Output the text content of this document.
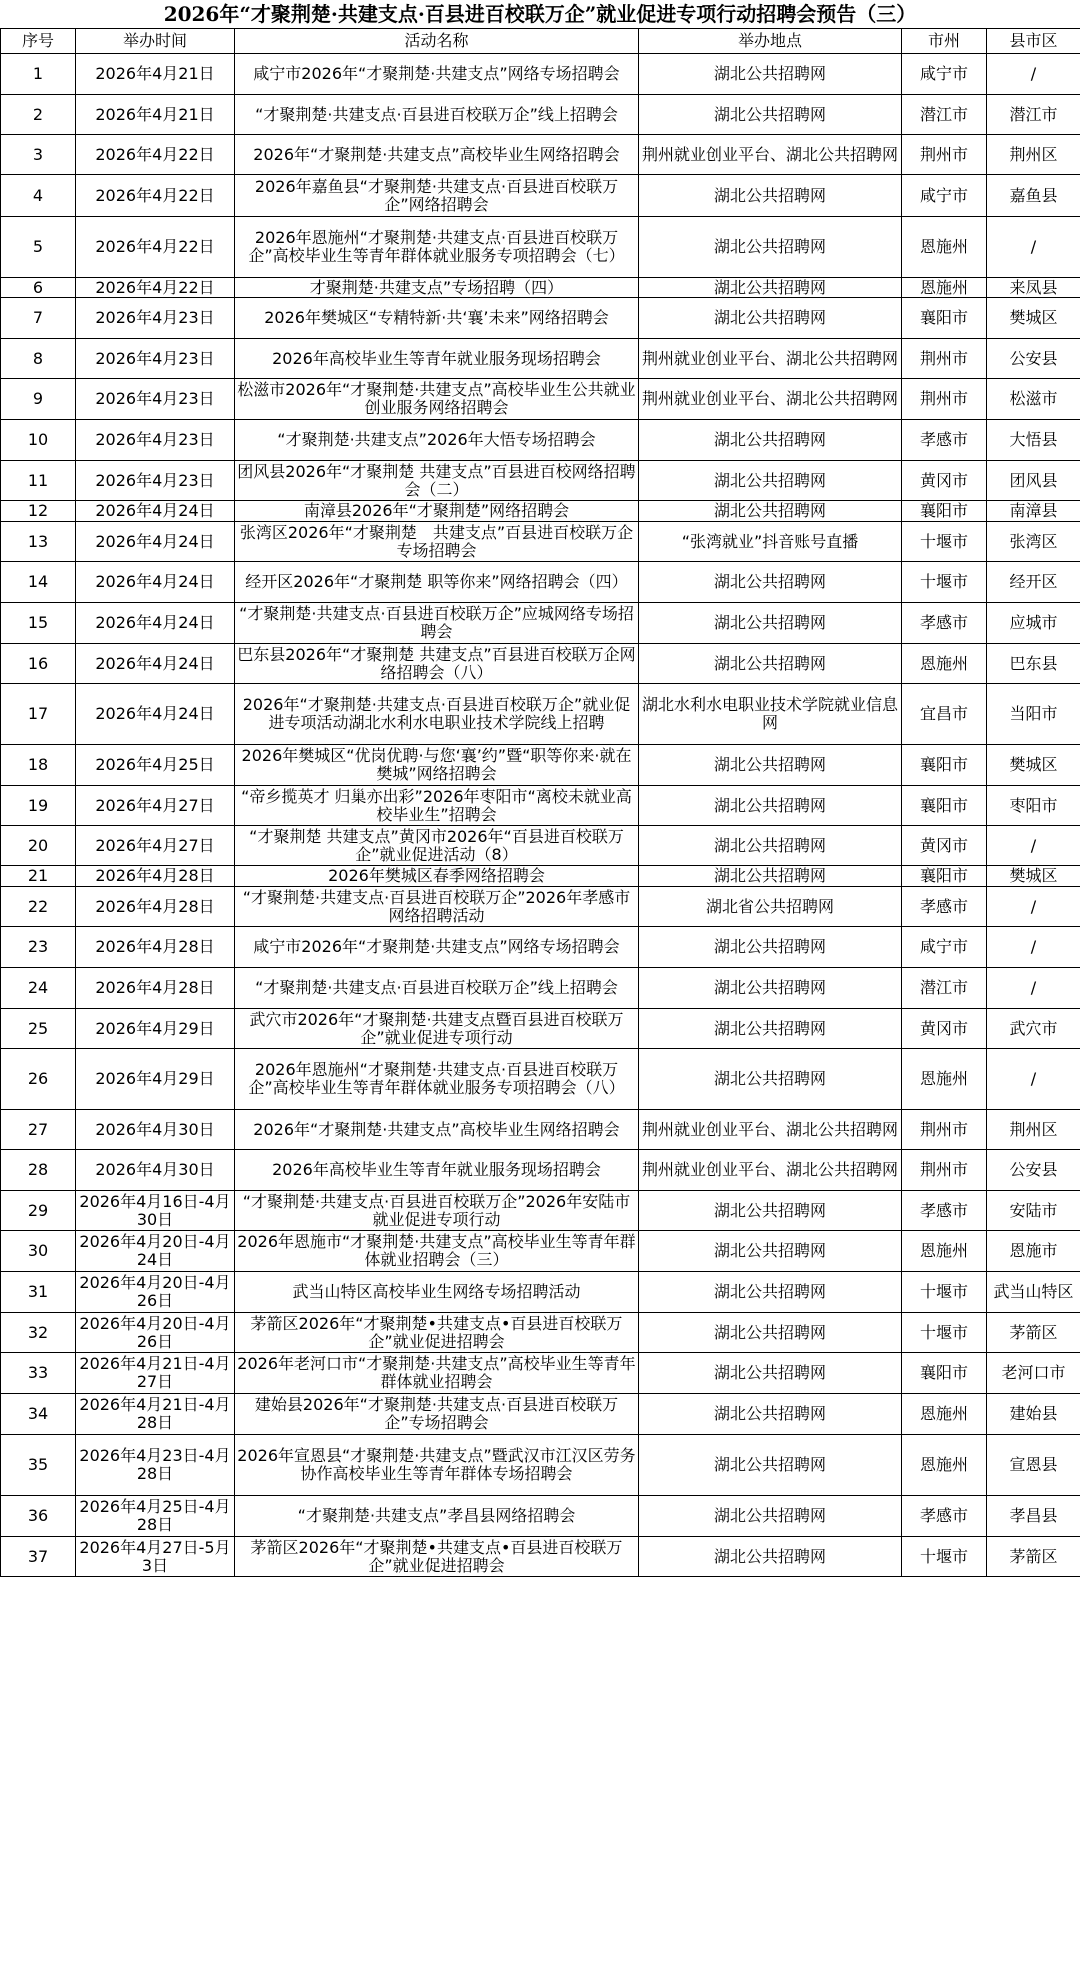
2026年“才聚荆楚·共建支点·百县进百校联万企”就业促进专项行动招聘会预告（三）
序号	举办时间	活动名称	举办地点	市州	县市区
1	2026年4月21日	咸宁市2026年“才聚荆楚·共建支点”网络专场招聘会	湖北公共招聘网	咸宁市	/
2	2026年4月21日	“才聚荆楚·共建支点·百县进百校联万企”线上招聘会	湖北公共招聘网	潜江市	潜江市
3	2026年4月22日	2026年“才聚荆楚·共建支点”高校毕业生网络招聘会	荆州就业创业平台、湖北公共招聘网	荆州市	荆州区
4	2026年4月22日	2026年嘉鱼县“才聚荆楚·共建支点·百县进百校联万企”网络招聘会	湖北公共招聘网	咸宁市	嘉鱼县
5	2026年4月22日	2026年恩施州“才聚荆楚·共建支点·百县进百校联万企”高校毕业生等青年群体就业服务专项招聘会（七）	湖北公共招聘网	恩施州	/
6	2026年4月22日	才聚荆楚·共建支点”专场招聘（四）	湖北公共招聘网	恩施州	来凤县
7	2026年4月23日	2026年樊城区“专精特新·共‘襄’未来”网络招聘会	湖北公共招聘网	襄阳市	樊城区
8	2026年4月23日	2026年高校毕业生等青年就业服务现场招聘会	荆州就业创业平台、湖北公共招聘网	荆州市	公安县
9	2026年4月23日	松滋市2026年“才聚荆楚·共建支点”高校毕业生公共就业创业服务网络招聘会	荆州就业创业平台、湖北公共招聘网	荆州市	松滋市
10	2026年4月23日	“才聚荆楚·共建支点”2026年大悟专场招聘会	湖北公共招聘网	孝感市	大悟县
11	2026年4月23日	团风县2026年“才聚荆楚 共建支点”百县进百校网络招聘会（二）	湖北公共招聘网	黄冈市	团风县
12	2026年4月24日	南漳县2026年“才聚荆楚”网络招聘会	湖北公共招聘网	襄阳市	南漳县
13	2026年4月24日	张湾区2026年“才聚荆楚　共建支点”百县进百校联万企专场招聘会	“张湾就业”抖音账号直播	十堰市	张湾区
14	2026年4月24日	经开区2026年“才聚荆楚 职等你来”网络招聘会（四）	湖北公共招聘网	十堰市	经开区
15	2026年4月24日	“才聚荆楚·共建支点·百县进百校联万企”应城网络专场招聘会	湖北公共招聘网	孝感市	应城市
16	2026年4月24日	巴东县2026年“才聚荆楚 共建支点”百县进百校联万企网络招聘会（八）	湖北公共招聘网	恩施州	巴东县
17	2026年4月24日	2026年“才聚荆楚·共建支点·百县进百校联万企”就业促进专项活动湖北水利水电职业技术学院线上招聘	湖北水利水电职业技术学院就业信息网	宜昌市	当阳市
18	2026年4月25日	2026年樊城区“优岗优聘·与您‘襄’约”暨“职等你来·就在樊城”网络招聘会	湖北公共招聘网	襄阳市	樊城区
19	2026年4月27日	“帝乡揽英才 归巢亦出彩”2026年枣阳市“离校未就业高校毕业生”招聘会	湖北公共招聘网	襄阳市	枣阳市
20	2026年4月27日	“才聚荆楚 共建支点”黄冈市2026年“百县进百校联万企”就业促进活动（8）	湖北公共招聘网	黄冈市	/
21	2026年4月28日	2026年樊城区春季网络招聘会	湖北公共招聘网	襄阳市	樊城区
22	2026年4月28日	“才聚荆楚·共建支点·百县进百校联万企”2026年孝感市网络招聘活动	湖北省公共招聘网	孝感市	/
23	2026年4月28日	咸宁市2026年“才聚荆楚·共建支点”网络专场招聘会	湖北公共招聘网	咸宁市	/
24	2026年4月28日	“才聚荆楚·共建支点·百县进百校联万企”线上招聘会	湖北公共招聘网	潜江市	/
25	2026年4月29日	武穴市2026年“才聚荆楚·共建支点暨百县进百校联万企”就业促进专项行动	湖北公共招聘网	黄冈市	武穴市
26	2026年4月29日	2026年恩施州“才聚荆楚·共建支点·百县进百校联万企”高校毕业生等青年群体就业服务专项招聘会（八）	湖北公共招聘网	恩施州	/
27	2026年4月30日	2026年“才聚荆楚·共建支点”高校毕业生网络招聘会	荆州就业创业平台、湖北公共招聘网	荆州市	荆州区
28	2026年4月30日	2026年高校毕业生等青年就业服务现场招聘会	荆州就业创业平台、湖北公共招聘网	荆州市	公安县
29	2026年4月16日-4月30日	“才聚荆楚·共建支点·百县进百校联万企”2026年安陆市就业促进专项行动	湖北公共招聘网	孝感市	安陆市
30	2026年4月20日-4月24日	2026年恩施市“才聚荆楚·共建支点”高校毕业生等青年群体就业招聘会（三）	湖北公共招聘网	恩施州	恩施市
31	2026年4月20日-4月26日	武当山特区高校毕业生网络专场招聘活动	湖北公共招聘网	十堰市	武当山特区
32	2026年4月20日-4月26日	茅箭区2026年“才聚荆楚•共建支点•百县进百校联万企”就业促进招聘会	湖北公共招聘网	十堰市	茅箭区
33	2026年4月21日-4月27日	2026年老河口市“才聚荆楚·共建支点”高校毕业生等青年群体就业招聘会	湖北公共招聘网	襄阳市	老河口市
34	2026年4月21日-4月28日	建始县2026年“才聚荆楚·共建支点·百县进百校联万企”专场招聘会	湖北公共招聘网	恩施州	建始县
35	2026年4月23日-4月28日	2026年宣恩县“才聚荆楚·共建支点”暨武汉市江汉区劳务协作高校毕业生等青年群体专场招聘会	湖北公共招聘网	恩施州	宣恩县
36	2026年4月25日-4月28日	“才聚荆楚·共建支点”孝昌县网络招聘会	湖北公共招聘网	孝感市	孝昌县
37	2026年4月27日-5月3日	茅箭区2026年“才聚荆楚•共建支点•百县进百校联万企”就业促进招聘会	湖北公共招聘网	十堰市	茅箭区
